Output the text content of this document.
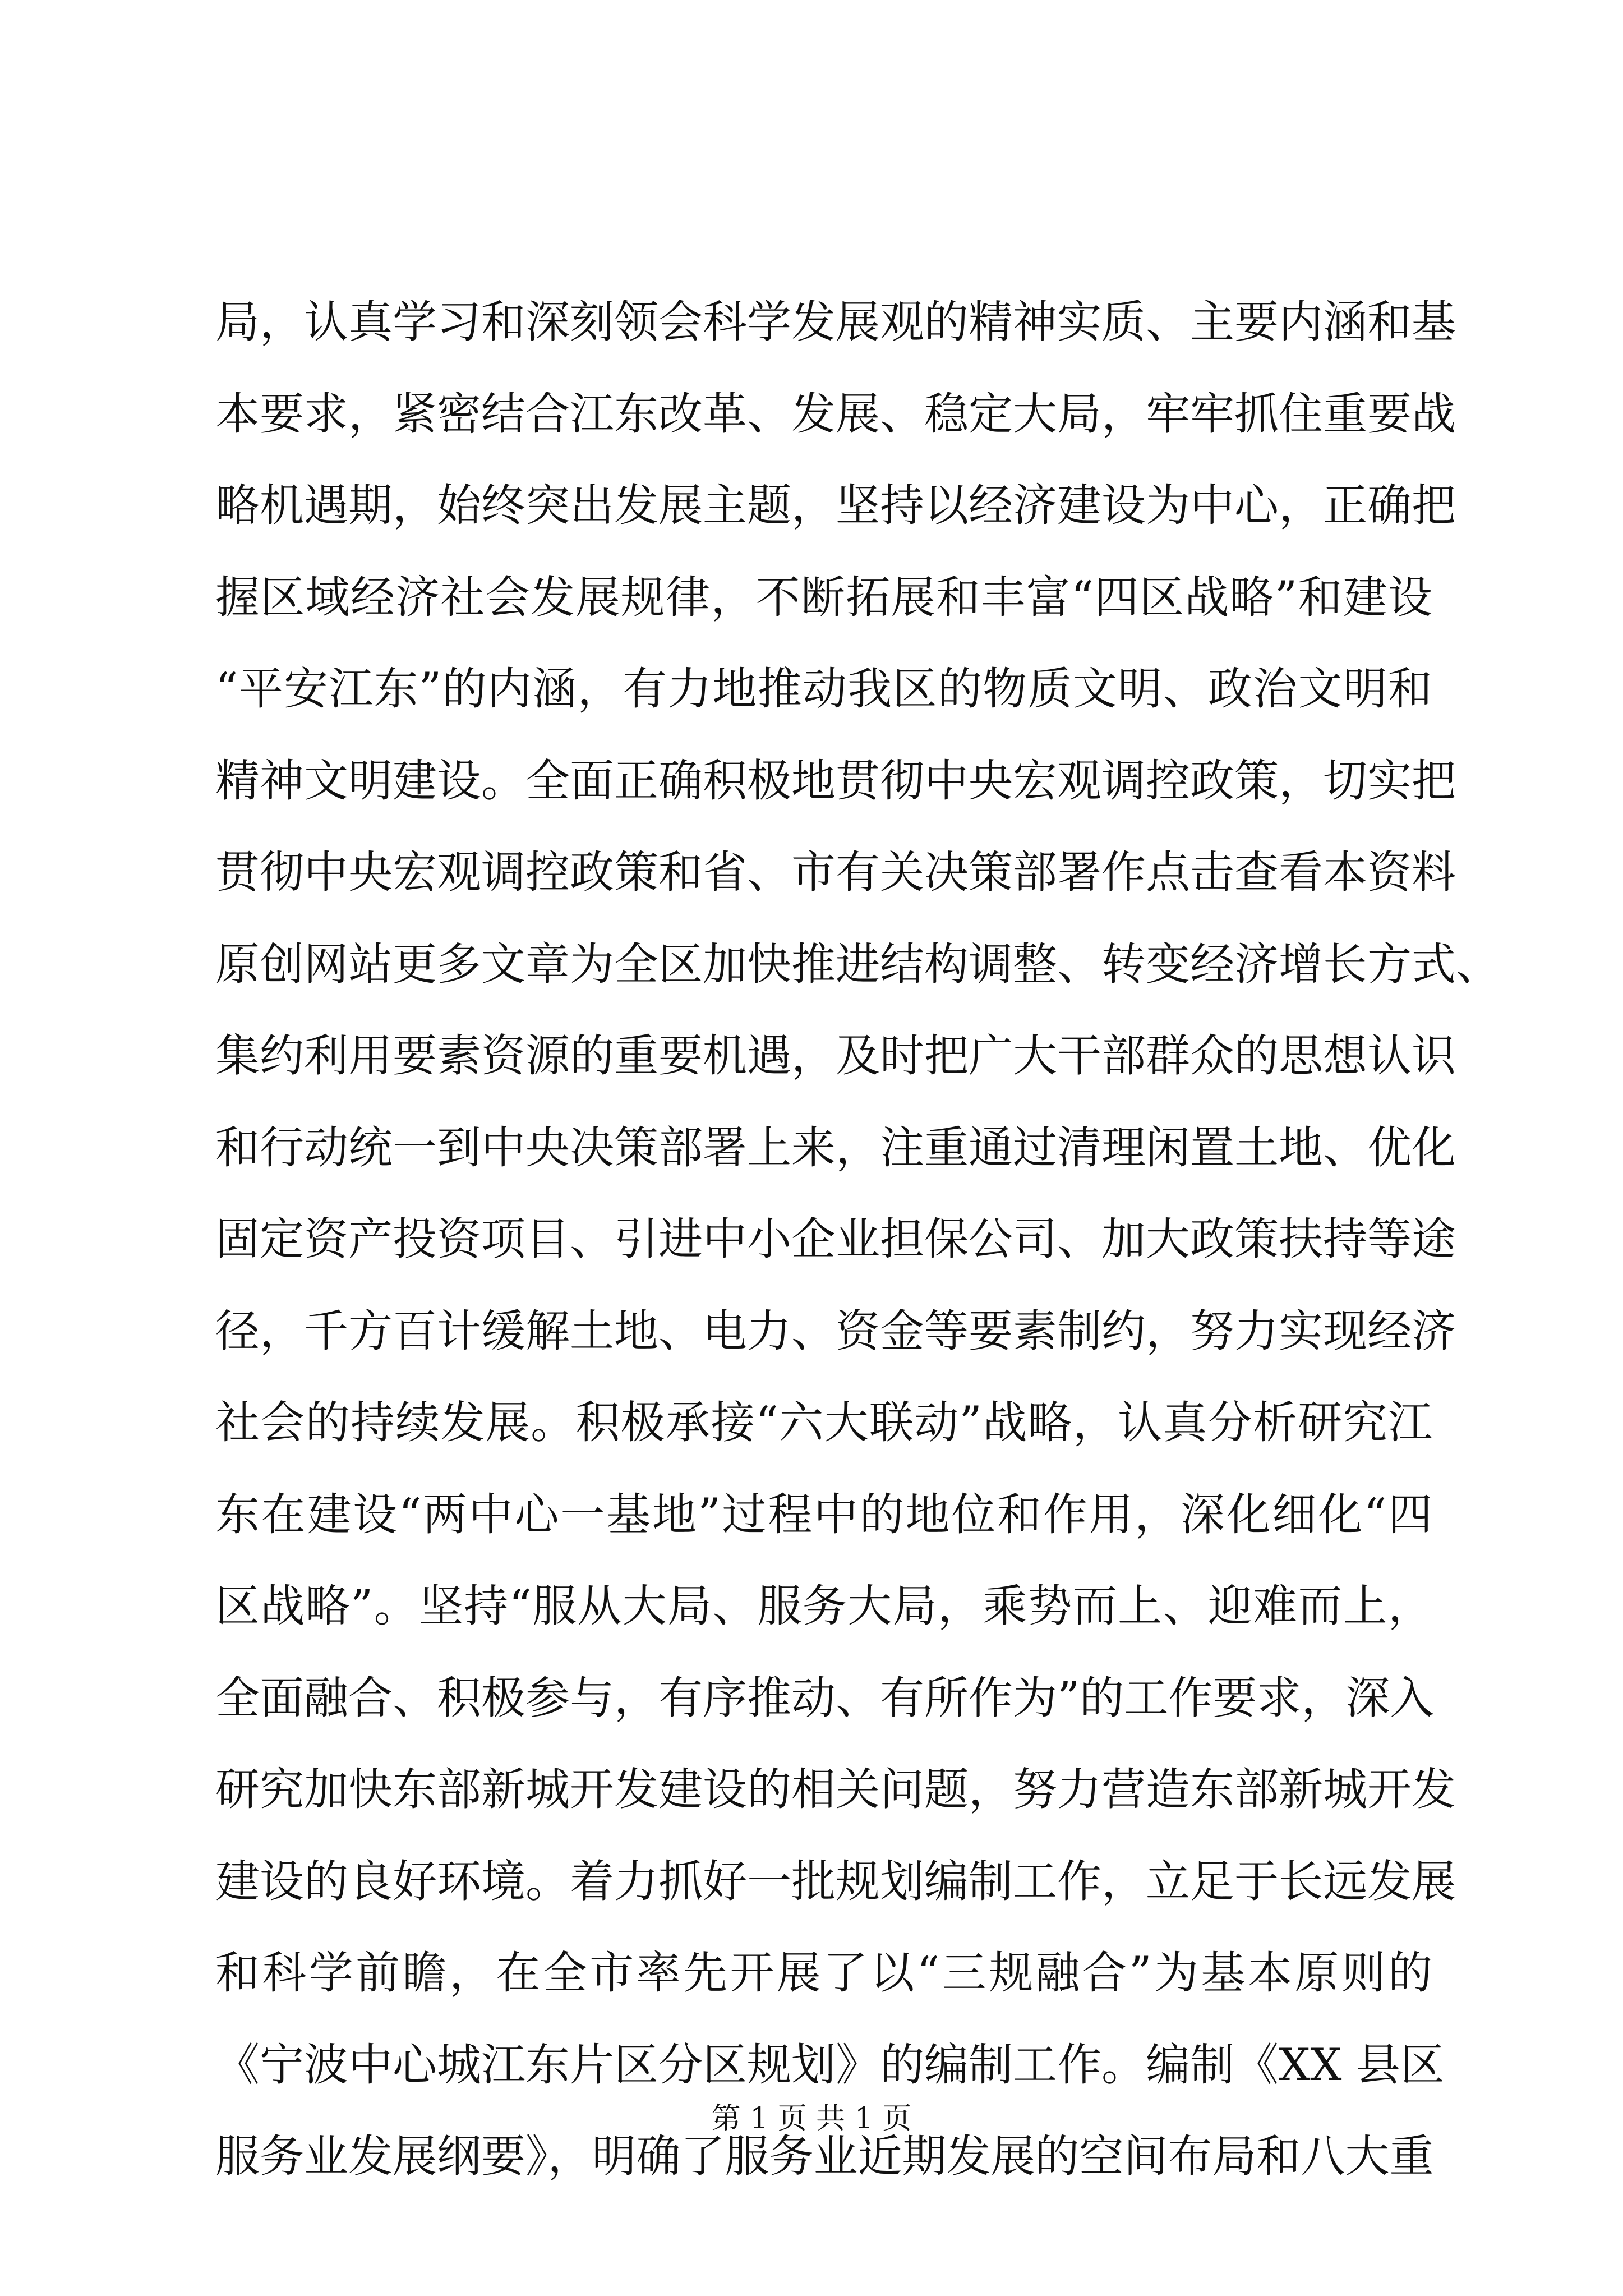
局，认真学习和深刻领会科学发展观的精神实质、主要内涵和基
本要求，紧密结合江东改革、发展、稳定大局，牢牢抓住重要战
略机遇期，始终突出发展主题，坚持以经济建设为中心，正确把
握区域经济社会发展规律，不断拓展和丰富“四区战略”和建设
“平安江东”的内涵，有力地推动我区的物质文明、政治文明和
精神文明建设。全面正确积极地贯彻中央宏观调控政策，切实把
贯彻中央宏观调控政策和省、市有关决策部署作点击查看本资料
原创网站更多文章为全区加快推进结构调整、转变经济增长方式、
集约利用要素资源的重要机遇，及时把广大干部群众的思想认识
和行动统一到中央决策部署上来，注重通过清理闲置土地、优化
固定资产投资项目、引进中小企业担保公司、加大政策扶持等途
径，千方百计缓解土地、电力、资金等要素制约，努力实现经济
社会的持续发展。积极承接“六大联动”战略，认真分析研究江
东在建设“两中心一基地”过程中的地位和作用，深化细化“四
区战略”。坚持“服从大局、服务大局，乘势而上、迎难而上，
全面融合、积极参与，有序推动、有所作为”的工作要求，深入
研究加快东部新城开发建设的相关问题，努力营造东部新城开发
建设的良好环境。着力抓好一批规划编制工作，立足于长远发展
和科学前瞻，在全市率先开展了以“三规融合”为基本原则的
《宁波中心城江东片区分区规划》的编制工作。编制《XX 县区
服务业发展纲要》，明确了服务业近期发展的空间布局和八大重
第 1 页 共 1 页
